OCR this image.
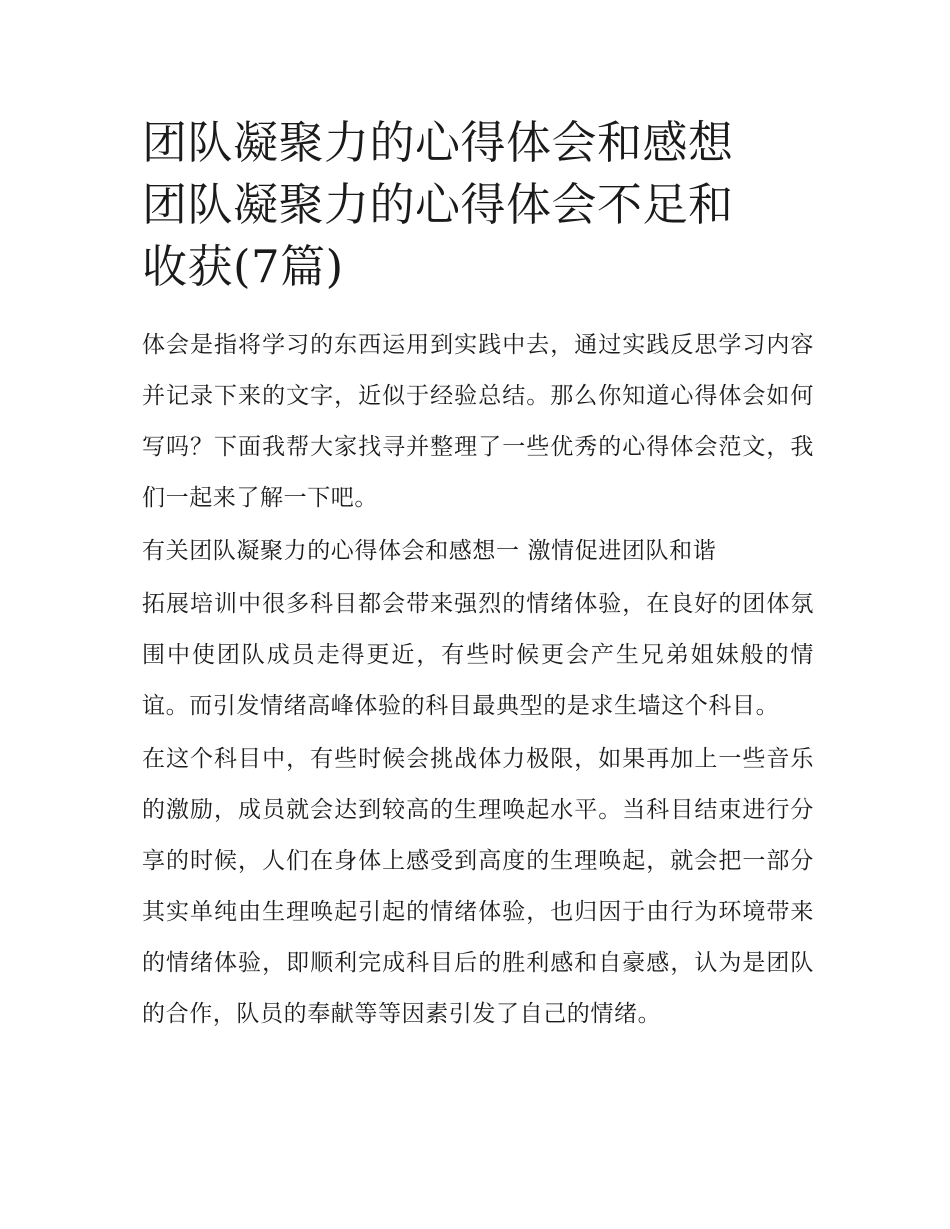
团队凝聚力的心得体会和感想
团队凝聚力的心得体会不足和
收获(7篇)

体会是指将学习的东西运用到实践中去，通过实践反思学习内容并记录下来的文字，近似于经验总结。那么你知道心得体会如何写吗？下面我帮大家找寻并整理了一些优秀的心得体会范文，我们一起来了解一下吧。

有关团队凝聚力的心得体会和感想一 激情促进团队和谐

拓展培训中很多科目都会带来强烈的情绪体验，在良好的团体氛围中使团队成员走得更近，有些时候更会产生兄弟姐妹般的情谊。而引发情绪高峰体验的科目最典型的是求生墙这个科目。

在这个科目中，有些时候会挑战体力极限，如果再加上一些音乐的激励，成员就会达到较高的生理唤起水平。当科目结束进行分享的时候，人们在身体上感受到高度的生理唤起，就会把一部分其实单纯由生理唤起引起的情绪体验，也归因于由行为环境带来的情绪体验，即顺利完成科目后的胜利感和自豪感，认为是团队的合作，队员的奉献等等因素引发了自己的情绪。
